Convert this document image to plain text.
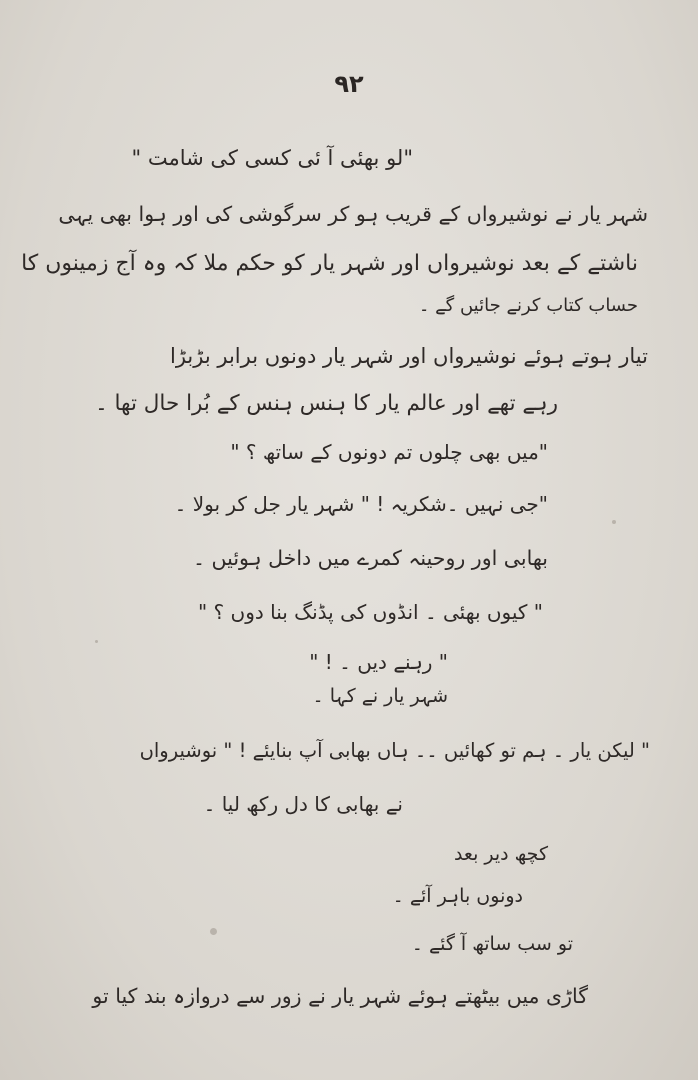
۹۲
"لو بھئی آ ئی کسی کی شامت "
شہر یار نے نوشیرواں کے قریب ہو کر سرگوشی کی اور ہوا بھی یہی
ناشتے کے بعد نوشیرواں اور شہر یار کو حکم ملا کہ وہ آج زمینوں کا
حساب کتاب کرنے جائیں گے ۔
تیار ہوتے ہوئے نوشیرواں اور شہر یار دونوں برابر بڑبڑا
رہے تھے اور عالم یار کا ہنس ہنس کے بُرا حال تھا ۔
"میں بھی چلوں تم دونوں کے ساتھ ؟ "
"جی نہیں ۔شکریہ ! " شہر یار جل کر بولا ۔
بھابی اور روحینہ کمرے میں داخل ہوئیں ۔
" کیوں بھئی ۔ انڈوں کی پڈنگ بنا دوں ؟ "
" رہنے دیں ۔ ! "
شہر یار نے کہا ۔
" لیکن یار ۔ ہم تو کھائیں ۔۔ ہاں بھابی آپ بنایئے ! " نوشیرواں
نے بھابی کا دل رکھ لیا ۔
کچھ دیر بعد
دونوں باہر آئے ۔
تو سب ساتھ آ گئے ۔
گاڑی میں بیٹھتے ہوئے شہر یار نے زور سے دروازہ بند کیا تو
